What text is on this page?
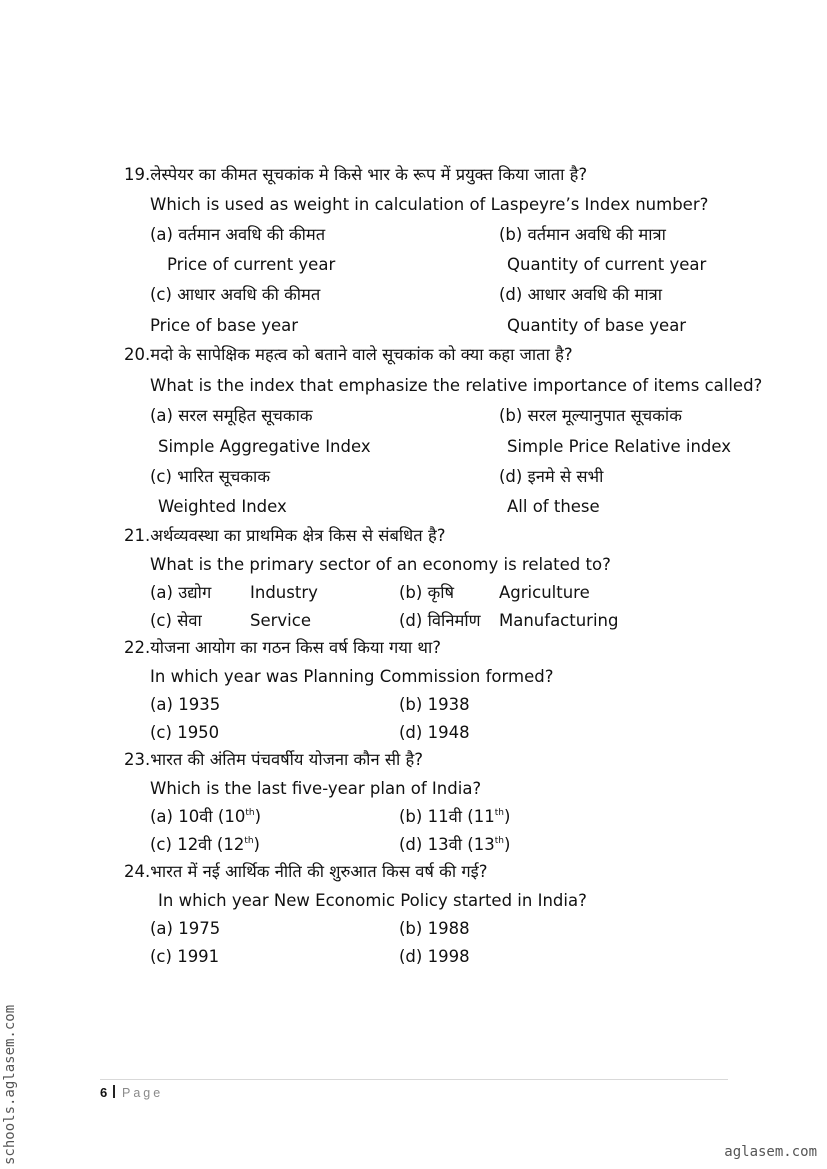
19.लेस्पेयर का कीमत सूचकांक मे किसे भार के रूप में प्रयुक्त किया जाता है?
Which is used as weight in calculation of Laspeyre’s Index number?
(a) वर्तमान अवधि की कीमत	(b) वर्तमान अवधि की मात्रा
Price of current year	Quantity of current year
(c) आधार अवधि की कीमत	(d) आधार अवधि की मात्रा
Price of base year	Quantity of base year
20.मदो के सापेक्षिक महत्व को बताने वाले सूचकांक को क्या कहा जाता है?
What is the index that emphasize the relative importance of items called?
(a) सरल समूहित सूचकाक	(b) सरल मूल्यानुपात सूचकांक
Simple Aggregative Index	Simple Price Relative index
(c) भारित सूचकाक	(d) इनमे से सभी
Weighted Index	All of these
21.अर्थव्यवस्था का प्राथमिक क्षेत्र किस से संबधित है?
What is the primary sector of an economy is related to?
(a) उद्योग Industry	(b) कृषि	Agriculture
(c) सेवा	Service	(d) विनिर्माण Manufacturing
22.योजना आयोग का गठन किस वर्ष किया गया था?
In which year was Planning Commission formed?
(a) 1935	(b) 1938
(c) 1950	(d) 1948
23.भारत की अंतिम पंचवर्षीय योजना कौन सी है?
Which is the last five-year plan of India?
(a) 10वी (10th)	(b) 11वी (11th)
(c) 12वी (12th)	(d) 13वी (13th)
24.भारत में नई आर्थिक नीति की शुरुआत किस वर्ष की गई?
In which year New Economic Policy started in India?
(a) 1975	(b) 1988
(c) 1991	(d) 1998
6 Page
schools.aglasem.com	aglasem.com
